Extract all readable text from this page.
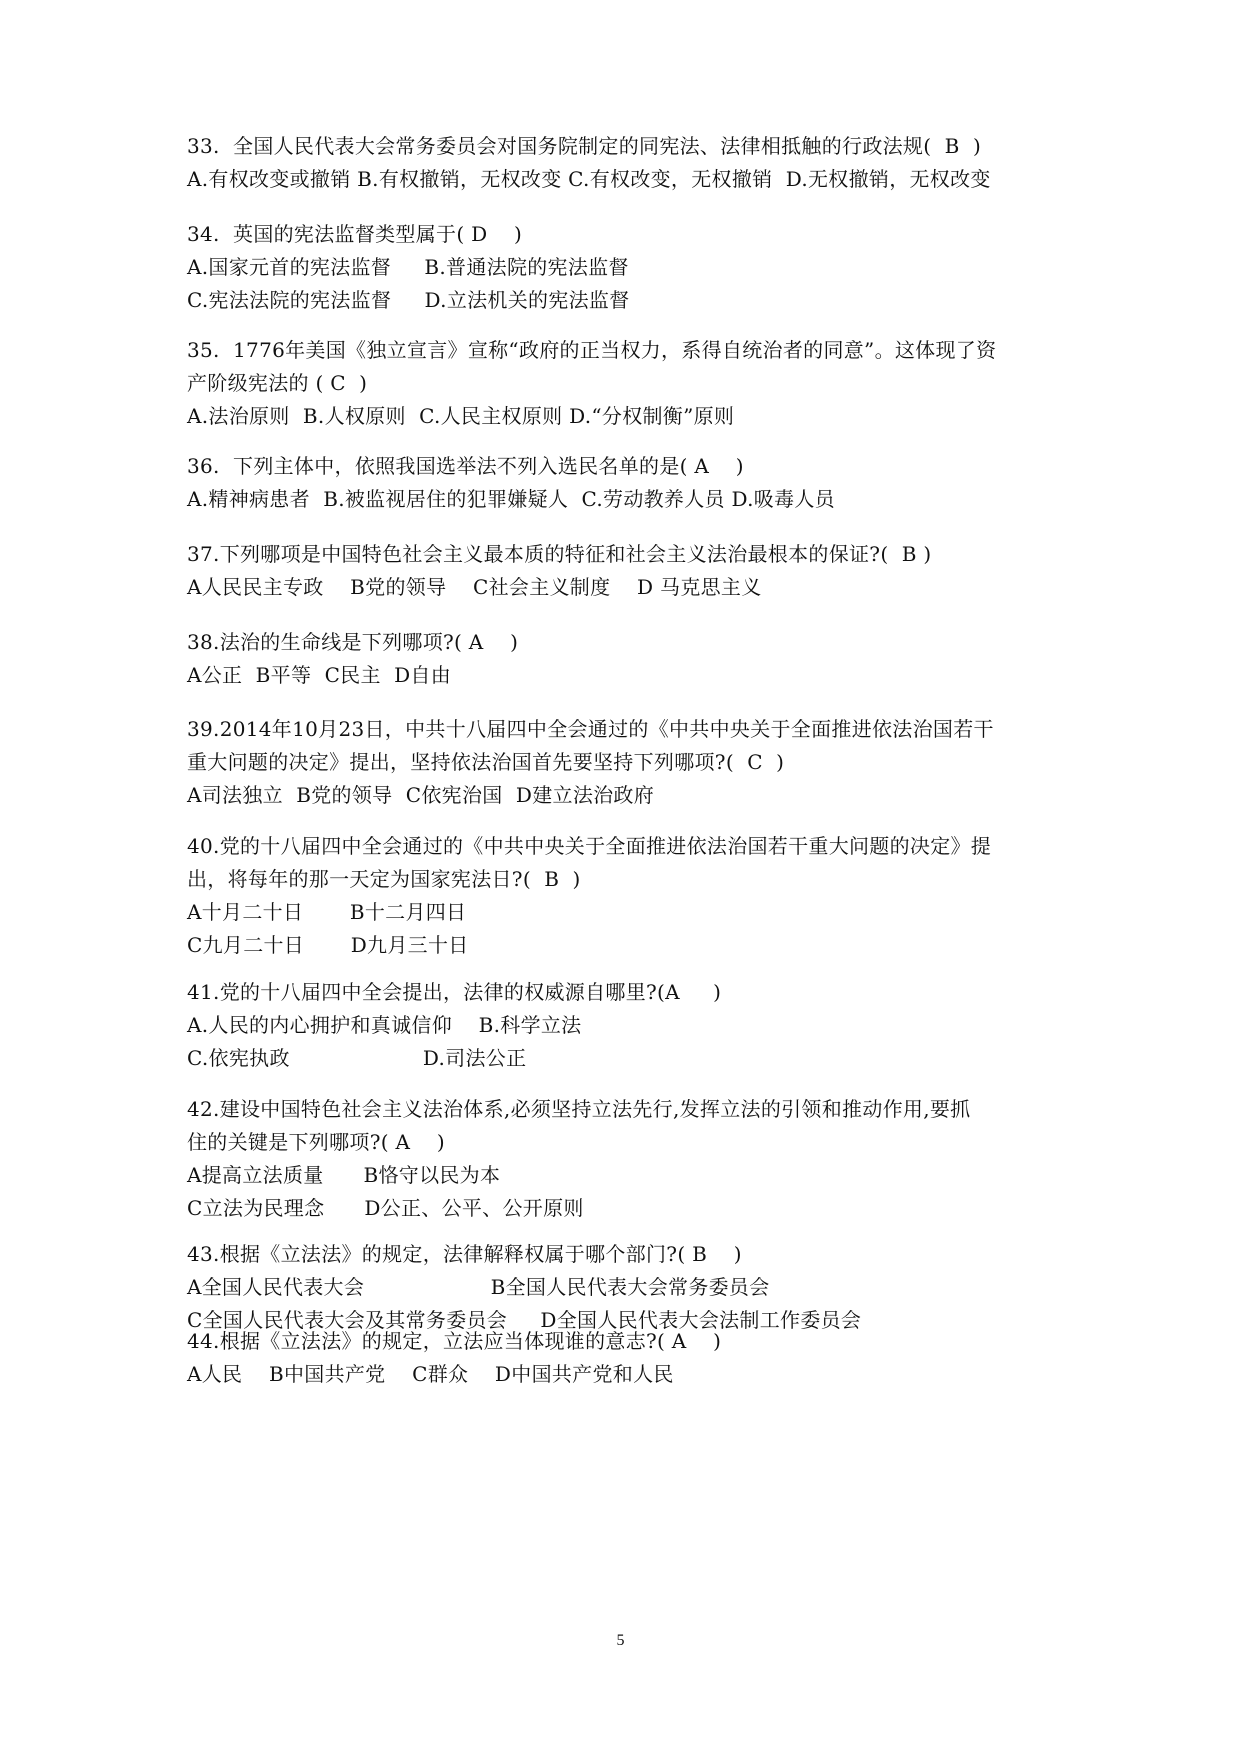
33.  全国人民代表大会常务委员会对国务院制定的同宪法、法律相抵触的行政法规(  B  )
A.有权改变或撤销 B.有权撤销，无权改变 C.有权改变，无权撤销  D.无权撤销，无权改变
34.  英国的宪法监督类型属于( D    )
A.国家元首的宪法监督     B.普通法院的宪法监督
C.宪法法院的宪法监督     D.立法机关的宪法监督
35.  1776年美国《独立宣言》宣称“政府的正当权力，系得自统治者的同意”。这体现了资
产阶级宪法的 ( C  )
A.法治原则  B.人权原则  C.人民主权原则 D.“分权制衡”原则
36.  下列主体中，依照我国选举法不列入选民名单的是( A    )
A.精神病患者  B.被监视居住的犯罪嫌疑人  C.劳动教养人员 D.吸毒人员
37.下列哪项是中国特色社会主义最本质的特征和社会主义法治最根本的保证?(  B )
A人民民主专政    B党的领导    C社会主义制度    D 马克思主义
38.法治的生命线是下列哪项?( A    )
A公正  B平等  C民主  D自由
39.2014年10月23日，中共十八届四中全会通过的《中共中央关于全面推进依法治国若干
重大问题的决定》提出，坚持依法治国首先要坚持下列哪项?(  C  )
A司法独立  B党的领导  C依宪治国  D建立法治政府
40.党的十八届四中全会通过的《中共中央关于全面推进依法治国若干重大问题的决定》提
出，将每年的那一天定为国家宪法日?(  B  )
A十月二十日       B十二月四日
C九月二十日       D九月三十日
41.党的十八届四中全会提出，法律的权威源自哪里?(A     )
A.人民的内心拥护和真诚信仰    B.科学立法
C.依宪执政                    D.司法公正
42.建设中国特色社会主义法治体系,必须坚持立法先行,发挥立法的引领和推动作用,要抓
住的关键是下列哪项?( A    )
A提高立法质量      B恪守以民为本
C立法为民理念      D公正、公平、公开原则
43.根据《立法法》的规定，法律解释权属于哪个部门?( B    )
A全国人民代表大会                   B全国人民代表大会常务委员会
C全国人民代表大会及其常务委员会     D全国人民代表大会法制工作委员会
44.根据《立法法》的规定，立法应当体现谁的意志?( A    )
A人民    B中国共产党    C群众    D中国共产党和人民
5
